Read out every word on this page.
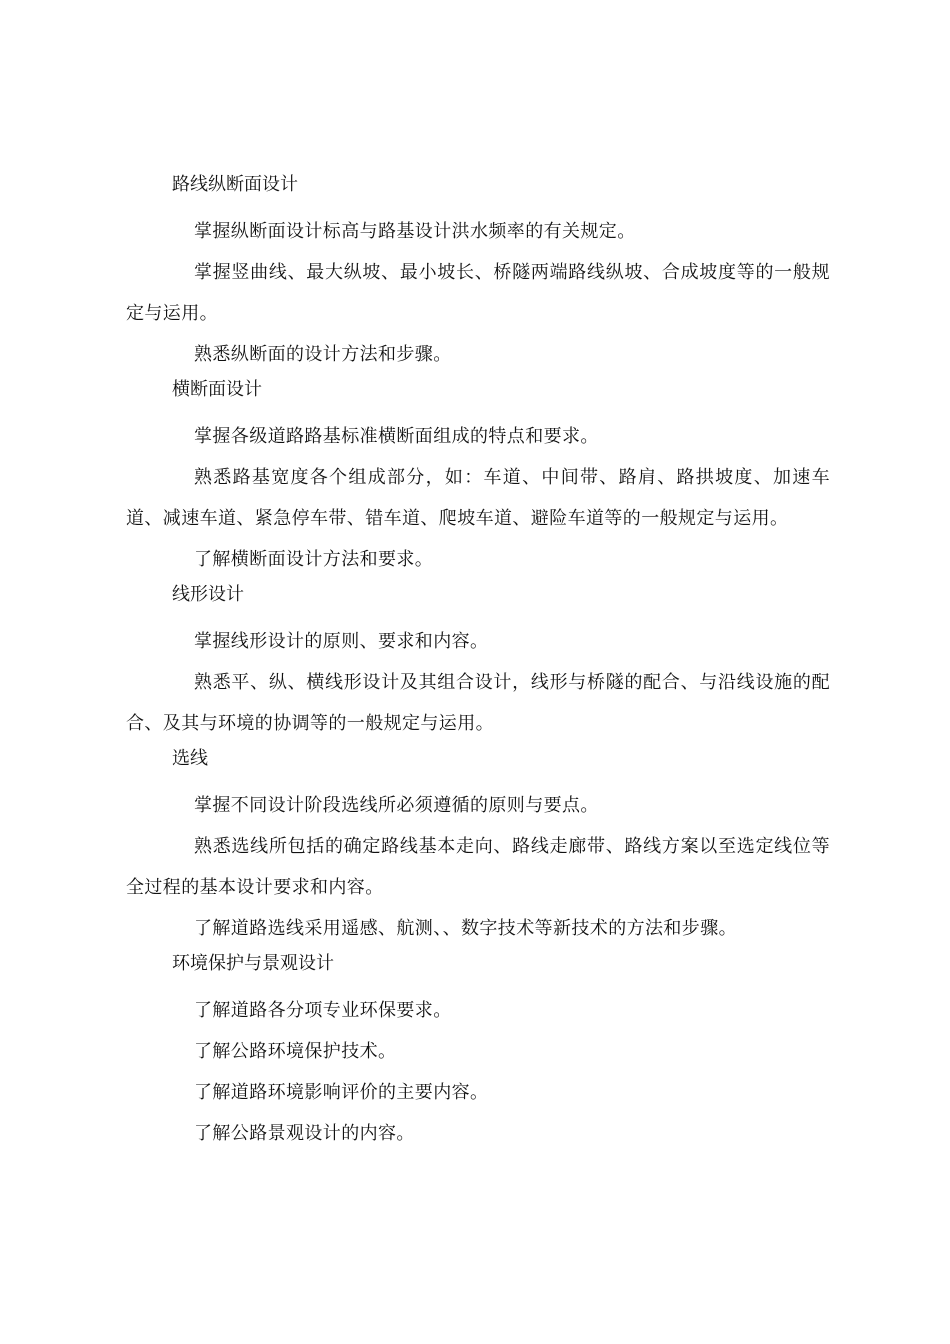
路线纵断面设计

掌握纵断面设计标高与路基设计洪水频率的有关规定。

掌握竖曲线、最大纵坡、最小坡长、桥隧两端路线纵坡、合成坡度等的一般规定与运用。

熟悉纵断面的设计方法和步骤。

横断面设计

掌握各级道路路基标准横断面组成的特点和要求。

熟悉路基宽度各个组成部分，如：车道、中间带、路肩、路拱坡度、加速车道、减速车道、紧急停车带、错车道、爬坡车道、避险车道等的一般规定与运用。

了解横断面设计方法和要求。

线形设计

掌握线形设计的原则、要求和内容。

熟悉平、纵、横线形设计及其组合设计，线形与桥隧的配合、与沿线设施的配合、及其与环境的协调等的一般规定与运用。

选线

掌握不同设计阶段选线所必须遵循的原则与要点。

熟悉选线所包括的确定路线基本走向、路线走廊带、路线方案以至选定线位等全过程的基本设计要求和内容。

了解道路选线采用遥感、航测、、数字技术等新技术的方法和步骤。

环境保护与景观设计

了解道路各分项专业环保要求。

了解公路环境保护技术。

了解道路环境影响评价的主要内容。

了解公路景观设计的内容。
